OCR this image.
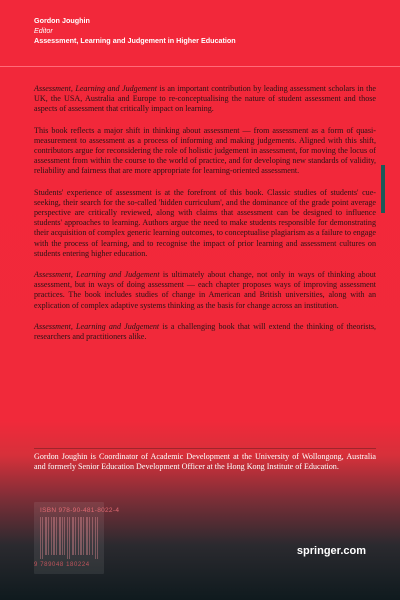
Gordon Joughin
Editor
Assessment, Learning and Judgement in Higher Education

Assessment, Learning and Judgement is an important contribution by leading assessment scholars in the UK, the USA, Australia and Europe to re-conceptualising the nature of student assessment and those aspects of assessment that critically impact on learning.

This book reflects a major shift in thinking about assessment — from assessment as a form of quasi-measurement to assessment as a process of informing and making judgements. Aligned with this shift, contributors argue for reconsidering the role of holistic judgement in assessment, for moving the locus of assessment from within the course to the world of practice, and for developing new standards of validity, reliability and fairness that are more appropriate for learning-oriented assessment.

Students' experience of assessment is at the forefront of this book. Classic studies of students' cue-seeking, their search for the so-called 'hidden curriculum', and the dominance of the grade point average perspective are critically reviewed, along with claims that assessment can be designed to influence students' approaches to learning. Authors argue the need to make students responsible for demonstrating their acquisition of complex generic learning outcomes, to conceptualise plagiarism as a failure to engage with the process of learning, and to recognise the impact of prior learning and assessment cultures on students entering higher education.

Assessment, Learning and Judgement is ultimately about change, not only in ways of thinking about assessment, but in ways of doing assessment — each chapter proposes ways of improving assessment practices. The book includes studies of change in American and British universities, along with an explication of complex adaptive systems thinking as the basis for change across an institution.

Assessment, Learning and Judgement is a challenging book that will extend the thinking of theorists, researchers and practitioners alike.

Gordon Joughin is Coordinator of Academic Development at the University of Wollongong, Australia and formerly Senior Education Development Officer at the Hong Kong Institute of Education.

ISBN 978-90-481-8022-4
9 789048 180224
springer.com
